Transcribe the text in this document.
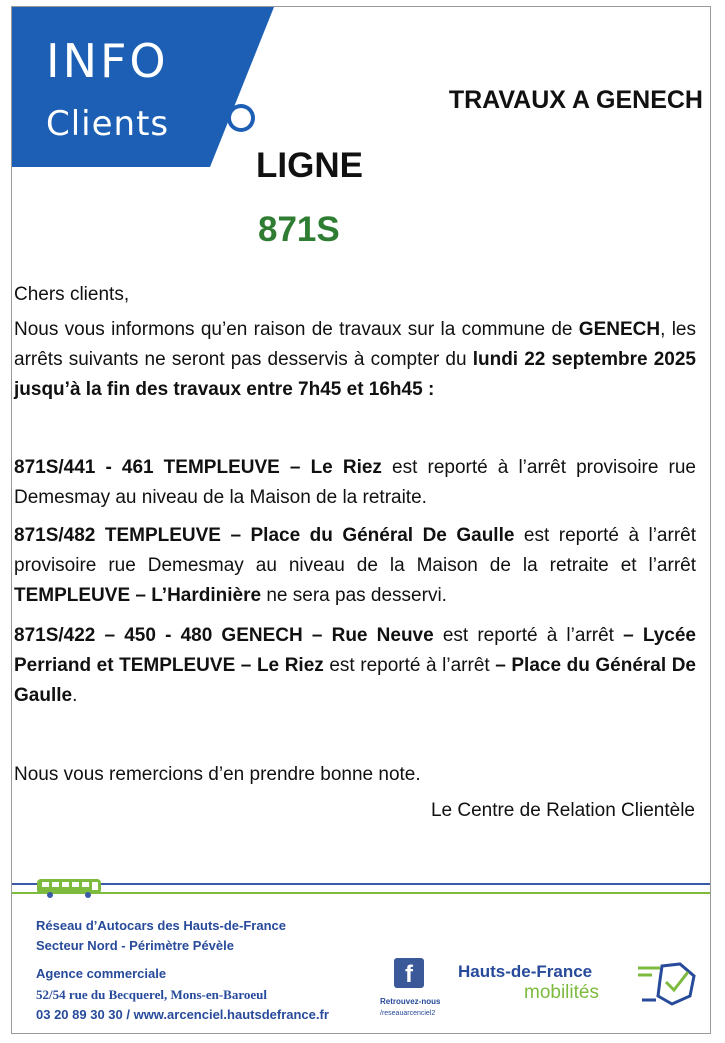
INFO
Clients
TRAVAUX A GENECH
LIGNE
871S
Chers clients,
Nous vous informons qu’en raison de travaux sur la commune de GENECH, les arrêts suivants ne seront pas desservis à compter du lundi 22 septembre 2025 jusqu’à la fin des travaux entre 7h45 et 16h45 :
871S/441 - 461 TEMPLEUVE – Le Riez est reporté à l’arrêt provisoire rue Demesmay au niveau de la Maison de la retraite.
871S/482 TEMPLEUVE – Place du Général De Gaulle est reporté à l’arrêt provisoire rue Demesmay au niveau de la Maison de la retraite et l’arrêt TEMPLEUVE – L’Hardinière ne sera pas desservi.
871S/422 – 450 - 480 GENECH – Rue Neuve est reporté à l’arrêt – Lycée Perriand et TEMPLEUVE – Le Riez est reporté à l’arrêt – Place du Général De Gaulle.
Nous vous remercions d’en prendre bonne note.
Le Centre de Relation Clientèle
Réseau d’Autocars des Hauts-de-France
Secteur Nord - Périmètre Pévèle
Agence commerciale
52/54 rue du Becquerel, Mons-en-Baroeul
03 20 89 30 30 / www.arcenciel.hautsdefrance.fr
f
Retrouvez-nous
/reseauarcenciel2
Hauts-de-France
mobilités
